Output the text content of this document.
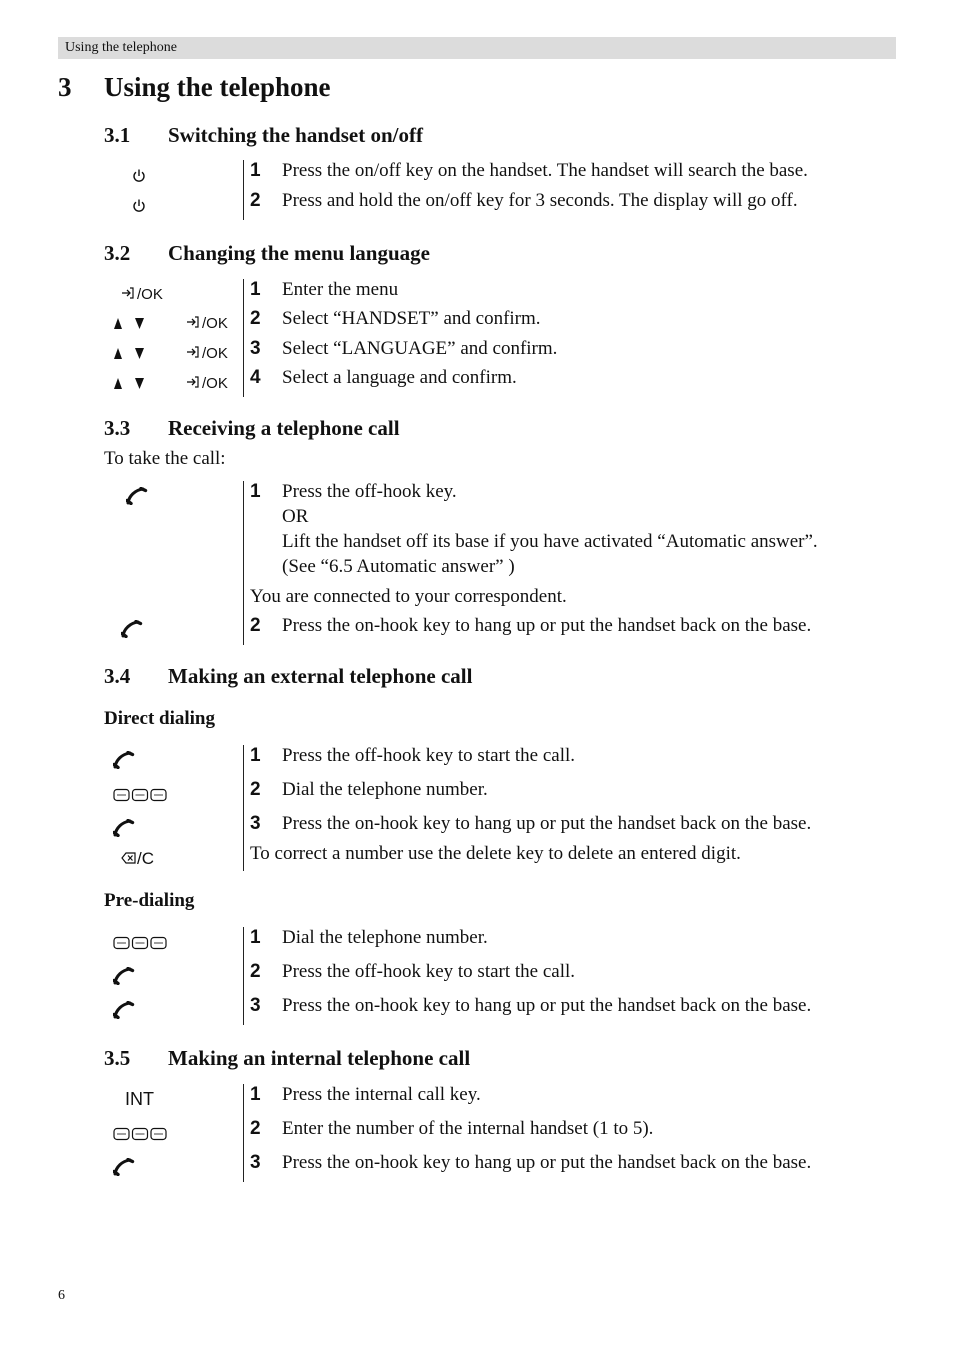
Using the telephone
3 Using the telephone
3.1 Switching the handset on/off
1 Press the on/off key on the handset. The handset will search the base.
2 Press and hold the on/off key for 3 seconds. The display will go off.
3.2 Changing the menu language
/OK
/OK
/OK
/OK
1 Enter the menu
2 Select “HANDSET” and confirm.
3 Select “LANGUAGE” and confirm.
4 Select a language and confirm.
3.3 Receiving a telephone call
To take the call:
1 Press the off-hook key.
OR
Lift the handset off its base if you have activated “Automatic answer”.
(See “6.5 Automatic answer” )
You are connected to your correspondent.
2 Press the on-hook key to hang up or put the handset back on the base.
3.4 Making an external telephone call
Direct dialing
/C
1 Press the off-hook key to start the call.
2 Dial the telephone number.
3 Press the on-hook key to hang up or put the handset back on the base.
To correct a number use the delete key to delete an entered digit.
Pre-dialing
1 Dial the telephone number.
2 Press the off-hook key to start the call.
3 Press the on-hook key to hang up or put the handset back on the base.
3.5 Making an internal telephone call
INT	1 Press the internal call key.
2 Enter the number of the internal handset (1 to 5).
3 Press the on-hook key to hang up or put the handset back on the base.
6
